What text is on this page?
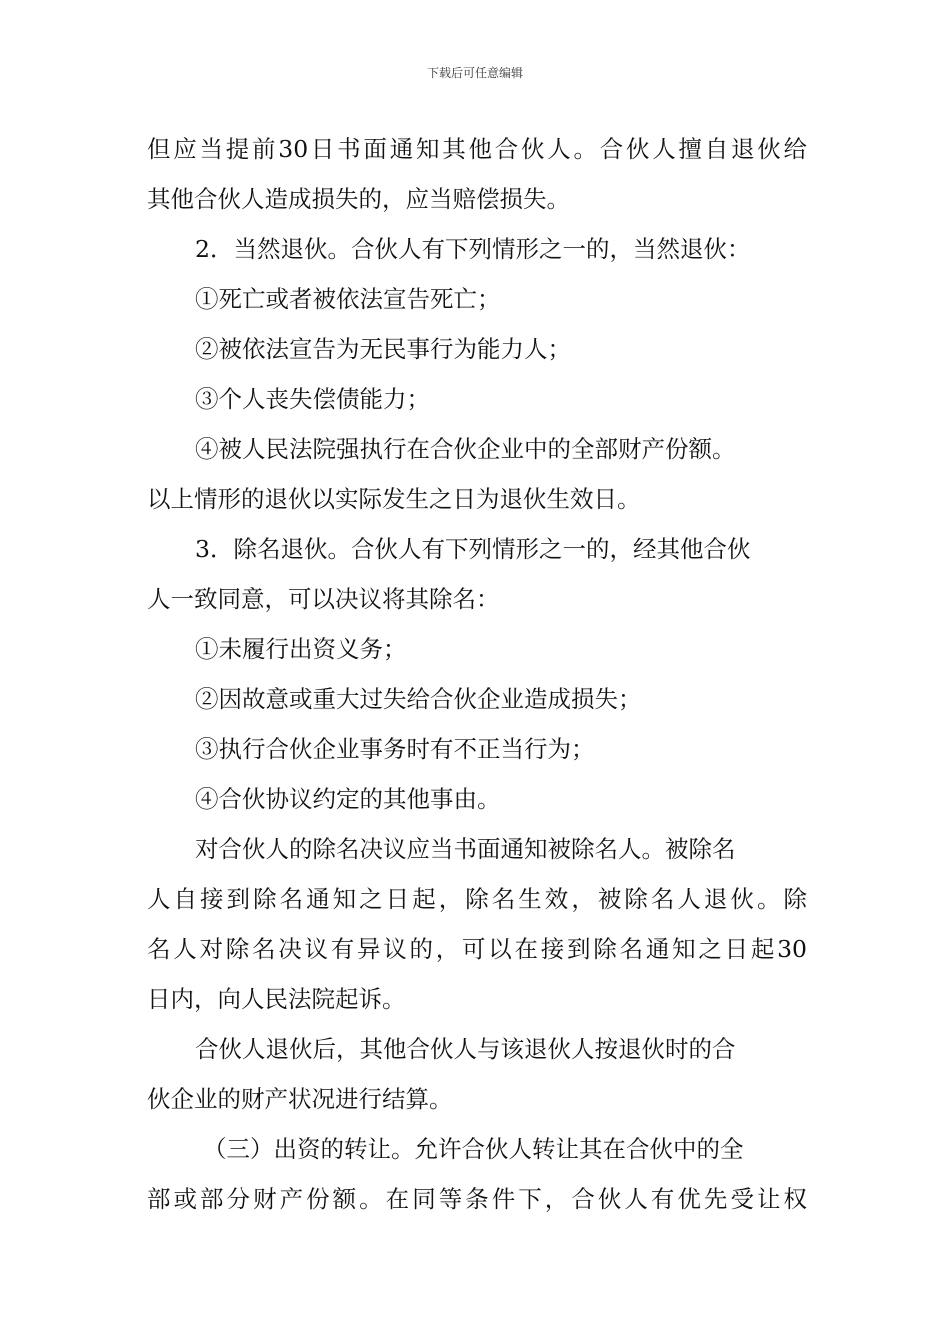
下载后可任意编辑
但应当提前30日书面通知其他合伙人。合伙人擅自退伙给
其他合伙人造成损失的，应当赔偿损失。
2．当然退伙。合伙人有下列情形之一的，当然退伙：
①死亡或者被依法宣告死亡；
②被依法宣告为无民事行为能力人；
③个人丧失偿债能力；
④被人民法院强执行在合伙企业中的全部财产份额。
以上情形的退伙以实际发生之日为退伙生效日。
3．除名退伙。合伙人有下列情形之一的，经其他合伙
人一致同意，可以决议将其除名：
①未履行出资义务；
②因故意或重大过失给合伙企业造成损失；
③执行合伙企业事务时有不正当行为；
④合伙协议约定的其他事由。
对合伙人的除名决议应当书面通知被除名人。被除名
人自接到除名通知之日起，除名生效，被除名人退伙。除
名人对除名决议有异议的，可以在接到除名通知之日起30
日内，向人民法院起诉。
合伙人退伙后，其他合伙人与该退伙人按退伙时的合
伙企业的财产状况进行结算。
（三）出资的转让。允许合伙人转让其在合伙中的全
部或部分财产份额。在同等条件下，合伙人有优先受让权
